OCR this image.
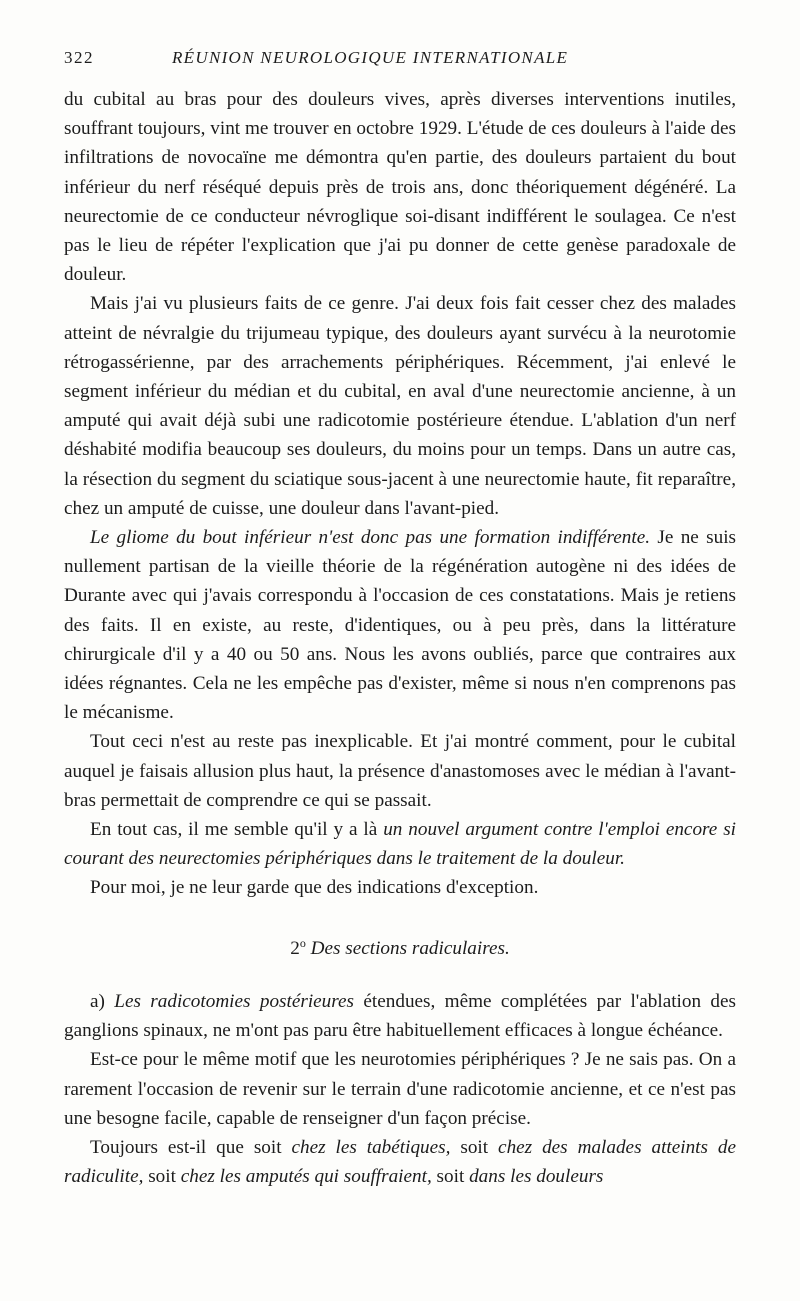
322	RÉUNION NEUROLOGIQUE INTERNATIONALE

du cubital au bras pour des douleurs vives, après diverses interventions inutiles, souffrant toujours, vint me trouver en octobre 1929. L'étude de ces douleurs à l'aide des infiltrations de novocaïne me démontra qu'en partie, des douleurs partaient du bout inférieur du nerf réséqué depuis près de trois ans, donc théoriquement dégénéré. La neurectomie de ce conducteur névroglique soi-disant indifférent le soulagea. Ce n'est pas le lieu de répéter l'explication que j'ai pu donner de cette genèse paradoxale de douleur.

Mais j'ai vu plusieurs faits de ce genre. J'ai deux fois fait cesser chez des malades atteint de névralgie du trijumeau typique, des douleurs ayant survécu à la neurotomie rétrogassérienne, par des arrachements périphériques. Récemment, j'ai enlevé le segment inférieur du médian et du cubital, en aval d'une neurectomie ancienne, à un amputé qui avait déjà subi une radicotomie postérieure étendue. L'ablation d'un nerf déshabité modifia beaucoup ses douleurs, du moins pour un temps. Dans un autre cas, la résection du segment du sciatique sous-jacent à une neurectomie haute, fit reparaître, chez un amputé de cuisse, une douleur dans l'avant-pied.

Le gliome du bout inférieur n'est donc pas une formation indifférente. Je ne suis nullement partisan de la vieille théorie de la régénération autogène ni des idées de Durante avec qui j'avais correspondu à l'occasion de ces constatations. Mais je retiens des faits. Il en existe, au reste, d'identiques, ou à peu près, dans la littérature chirurgicale d'il y a 40 ou 50 ans. Nous les avons oubliés, parce que contraires aux idées régnantes. Cela ne les empêche pas d'exister, même si nous n'en comprenons pas le mécanisme.

Tout ceci n'est au reste pas inexplicable. Et j'ai montré comment, pour le cubital auquel je faisais allusion plus haut, la présence d'anastomoses avec le médian à l'avant-bras permettait de comprendre ce qui se passait.

En tout cas, il me semble qu'il y a là un nouvel argument contre l'emploi encore si courant des neurectomies périphériques dans le traitement de la douleur.

Pour moi, je ne leur garde que des indications d'exception.

2$^o$ Des sections radiculaires.

a) Les radicotomies postérieures étendues, même complétées par l'ablation des ganglions spinaux, ne m'ont pas paru être habituellement efficaces à longue échéance.

Est-ce pour le même motif que les neurotomies périphériques ? Je ne sais pas. On a rarement l'occasion de revenir sur le terrain d'une radicotomie ancienne, et ce n'est pas une besogne facile, capable de renseigner d'un façon précise.

Toujours est-il que soit chez les tabétiques, soit chez des malades atteints de radiculite, soit chez les amputés qui souffraient, soit dans les douleurs
